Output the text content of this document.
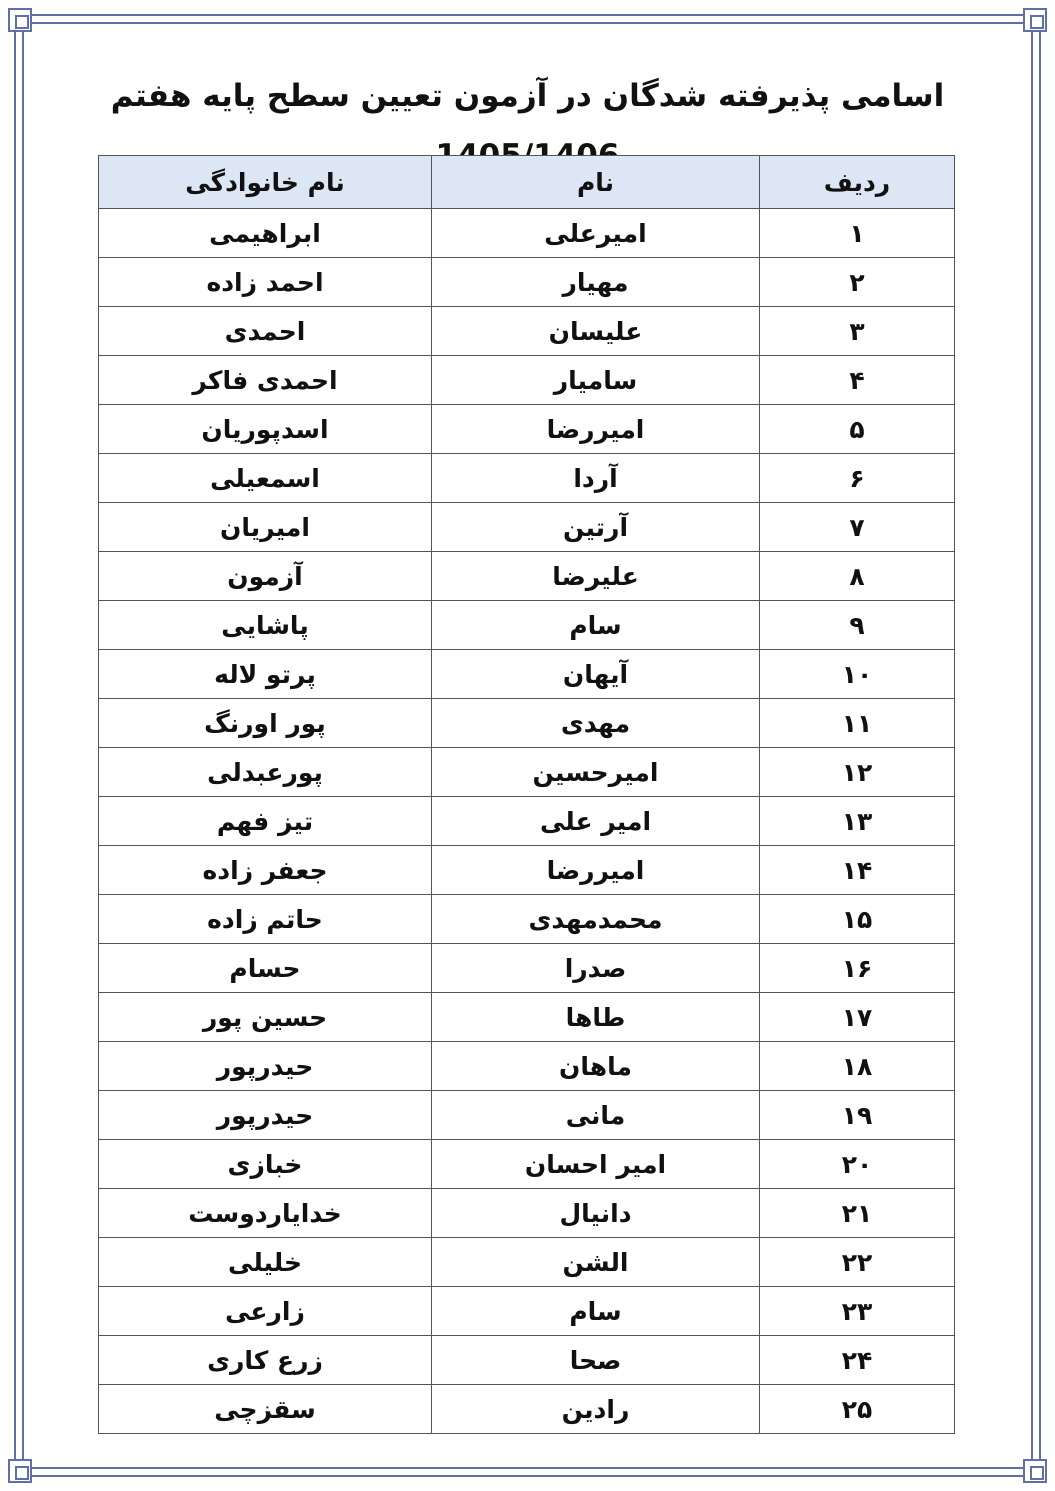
اسامی پذیرفته شدگان در آزمون تعیین سطح پایه هفتم
ردیف	نام	نام خانوادگی
۱	امیرعلی	ابراهیمی
۲	مهیار	احمد زاده
۳	علیسان	احمدی
۴	سامیار	احمدی فاکر
۵	امیررضا	اسدپوریان
۶	آردا	اسمعیلی
۷	آرتین	امیریان
۸	علیرضا	آزمون
۹	سام	پاشایی
۱۰	آیهان	پرتو لاله
۱۱	مهدی	پور اورنگ
۱۲	امیرحسین	پورعبدلی
۱۳	امیر علی	تیز فهم
۱۴	امیررضا	جعفر زاده
۱۵	محمدمهدی	حاتم زاده
۱۶	صدرا	حسام
۱۷	طاها	حسین پور
۱۸	ماهان	حیدرپور
۱۹	مانی	حیدرپور
۲۰	امیر احسان	خبازی
۲۱	دانیال	خدایاردوست
۲۲	الشن	خلیلی
۲۳	سام	زارعی
۲۴	صحا	زرع کاری
۲۵	رادین	سقزچی
